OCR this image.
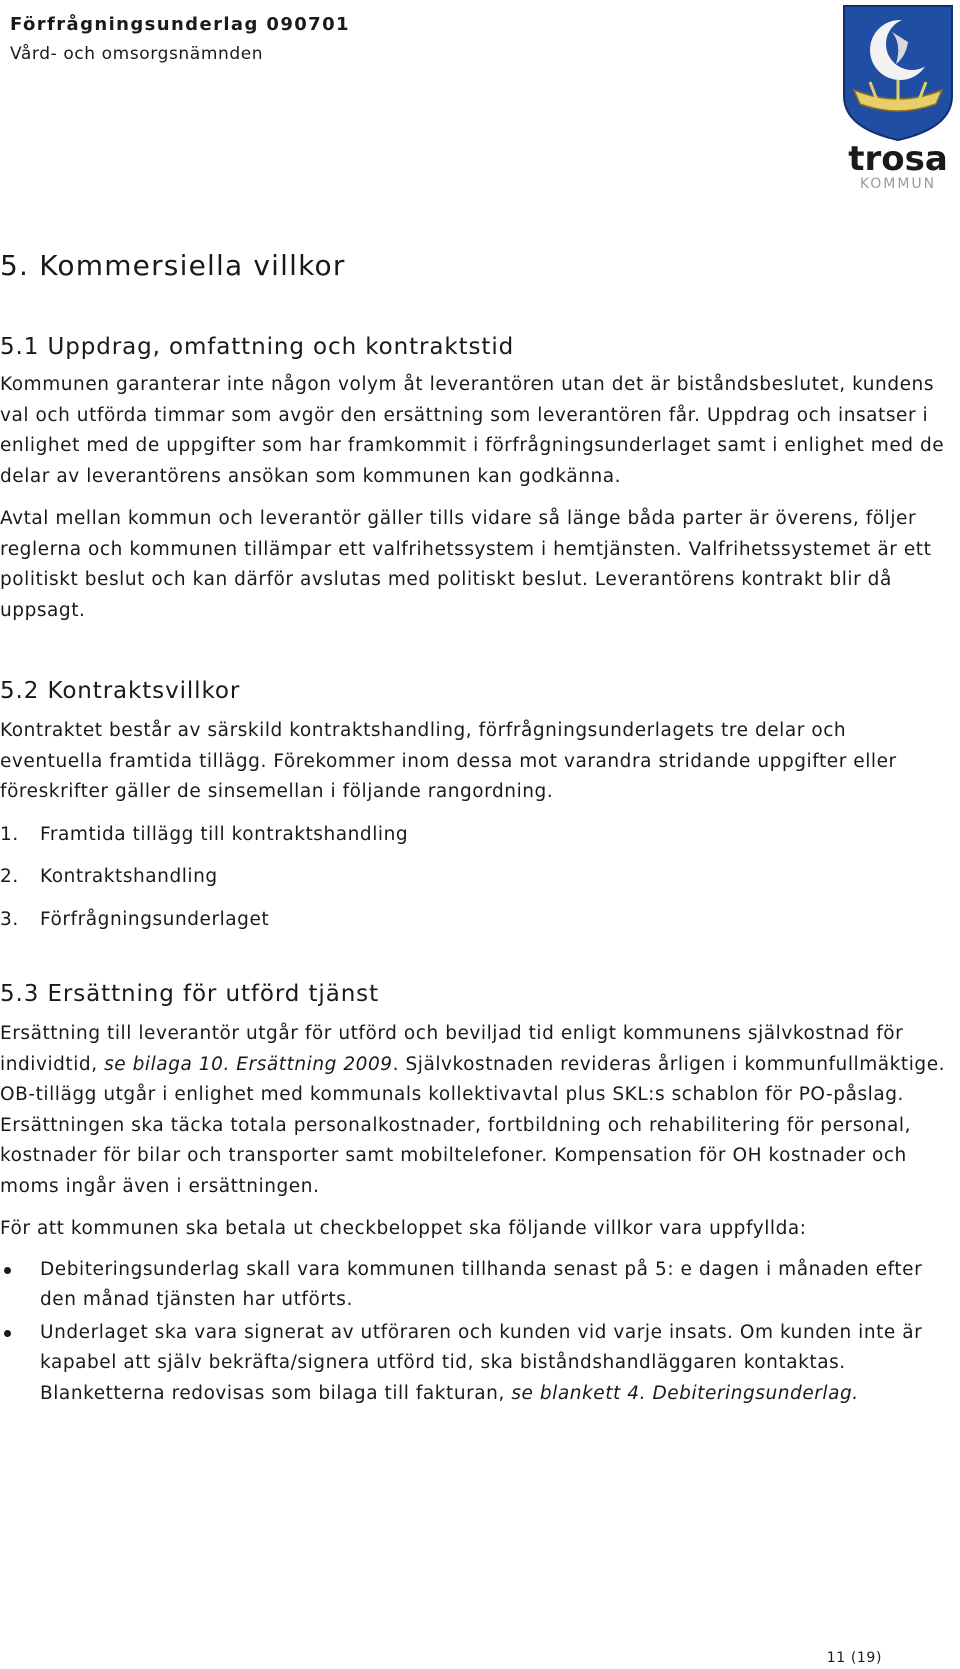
Förfrågningsunderlag 090701
Vård- och omsorgsnämnden
trosa
KOMMUN
5. Kommersiella villkor
5.1 Uppdrag, omfattning och kontraktstid

Kommunen garanterar inte någon volym åt leverantören utan det är biståndsbeslutet, kundens val och utförda timmar som avgör den ersättning som leverantören får. Uppdrag och insatser i enlighet med de uppgifter som har framkommit i förfrågningsunderlaget samt i enlighet med de delar av leverantörens ansökan som kommunen kan godkänna.

Avtal mellan kommun och leverantör gäller tills vidare så länge båda parter är överens, följer reglerna och kommunen tillämpar ett valfrihetssystem i hemtjänsten. Valfrihetssystemet är ett politiskt beslut och kan därför avslutas med politiskt beslut. Leverantörens kontrakt blir då uppsagt.

5.2 Kontraktsvillkor

Kontraktet består av särskild kontraktshandling, förfrågningsunderlagets tre delar och eventuella framtida tillägg. Förekommer inom dessa mot varandra stridande uppgifter eller föreskrifter gäller de sinsemellan i följande rangordning.

1.	Framtida tillägg till kontraktshandling
2.	Kontraktshandling
3.	Förfrågningsunderlaget
5.3 Ersättning för utförd tjänst

Ersättning till leverantör utgår för utförd och beviljad tid enligt kommunens självkostnad för individtid, se bilaga 10. Ersättning 2009. Självkostnaden revideras årligen i kommunfullmäktige. OB-tillägg utgår i enlighet med kommunals kollektivavtal plus SKL:s schablon för PO-påslag. Ersättningen ska täcka totala personalkostnader, fortbildning och rehabilitering för personal, kostnader för bilar och transporter samt mobiltelefoner. Kompensation för OH kostnader och moms ingår även i ersättningen.

För att kommunen ska betala ut checkbeloppet ska följande villkor vara uppfyllda:

Debiteringsunderlag skall vara kommunen tillhanda senast på 5: e dagen i månaden efter den månad tjänsten har utförts.
Underlaget ska vara signerat av utföraren och kunden vid varje insats. Om kunden inte är kapabel att själv bekräfta/signera utförd tid, ska biståndshandläggaren kontaktas. Blanketterna redovisas som bilaga till fakturan, se blankett 4. Debiteringsunderlag.
11 (19)
